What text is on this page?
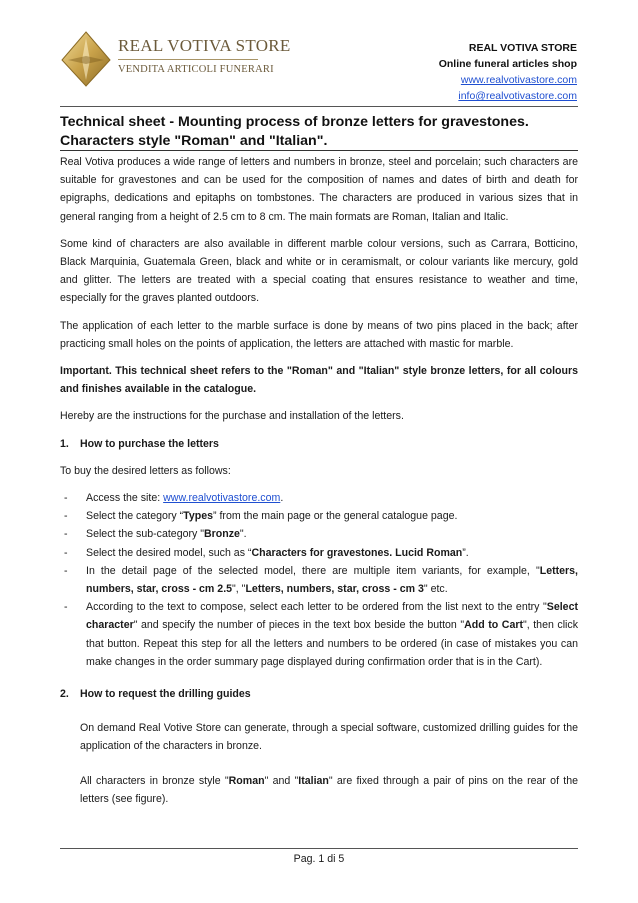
REAL VOTIVA STORE
VENDITA ARTICOLI FUNERARI
REAL VOTIVA STORE
Online funeral articles shop
www.realvotivastore.com
info@realvotivastore.com
Technical sheet - Mounting process of bronze letters for gravestones.
Characters style "Roman" and "Italian".

Real Votiva produces a wide range of letters and numbers in bronze, steel and porcelain; such characters are suitable for gravestones and can be used for the composition of names and dates of birth and death for epigraphs, dedications and epitaphs on tombstones. The characters are produced in various sizes that in general ranging from a height of 2.5 cm to 8 cm. The main formats are Roman, Italian and Italic.

Some kind of characters are also available in different marble colour versions, such as Carrara, Botticino, Black Marquinia, Guatemala Green, black and white or in ceramismalt, or colour variants like mercury, gold and glitter. The letters are treated with a special coating that ensures resistance to weather and time, especially for the graves planted outdoors.

The application of each letter to the marble surface is done by means of two pins placed in the back; after practicing small holes on the points of application, the letters are attached with mastic for marble.

Important. This technical sheet refers to the "Roman" and "Italian" style bronze letters, for all colours and finishes available in the catalogue.

Hereby are the instructions for the purchase and installation of the letters.

1. How to purchase the letters

To buy the desired letters as follows:

- Access the site: www.realvotivastore.com.
- Select the category “Types” from the main page or the general catalogue page.
- Select the sub-category "Bronze".
- Select the desired model, such as “Characters for gravestones. Lucid Roman”.
- In the detail page of the selected model, there are multiple item variants, for example, "Letters, numbers, star, cross - cm 2.5", "Letters, numbers, star, cross - cm 3" etc.
- According to the text to compose, select each letter to be ordered from the list next to the entry "Select character" and specify the number of pieces in the text box beside the button "Add to Cart", then click that button. Repeat this step for all the letters and numbers to be ordered (in case of mistakes you can make changes in the order summary page displayed during confirmation order that is in the Cart).
2. How to request the drilling guides

On demand Real Votive Store can generate, through a special software, customized drilling guides for the application of the characters in bronze.

All characters in bronze style "Roman" and "Italian" are fixed through a pair of pins on the rear of the letters (see figure).

Pag. 1 di 5
